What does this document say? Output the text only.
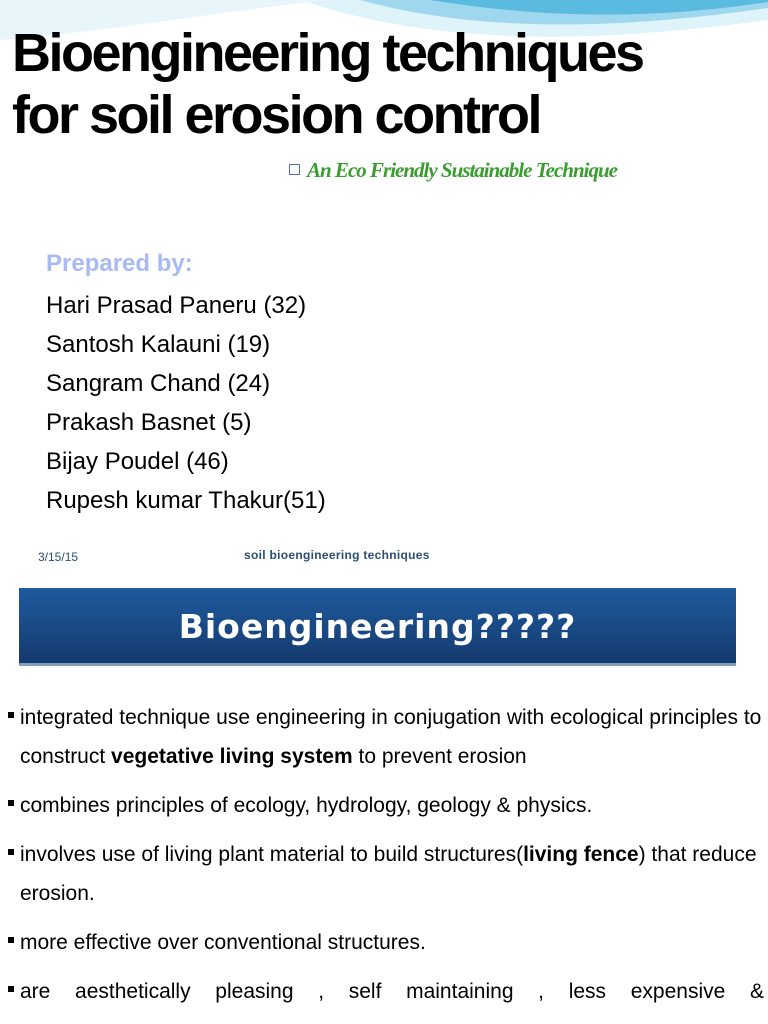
Bioengineering techniques
for soil erosion control
An Eco Friendly Sustainable Technique
Prepared by:
Hari Prasad Paneru (32)
Santosh Kalauni (19)
Sangram Chand (24)
Prakash Basnet (5)
Bijay Poudel (46)
Rupesh kumar Thakur(51)
3/15/15	soil bioengineering techniques
Bioengineering?????
integrated technique use engineering in conjugation with ecological principles to construct vegetative living system to prevent erosion
combines principles of ecology, hydrology, geology & physics.
involves use of living plant material to build structures(living fence) that reduce erosion.
more effective over conventional structures.
are aesthetically pleasing , self maintaining , less expensive &
